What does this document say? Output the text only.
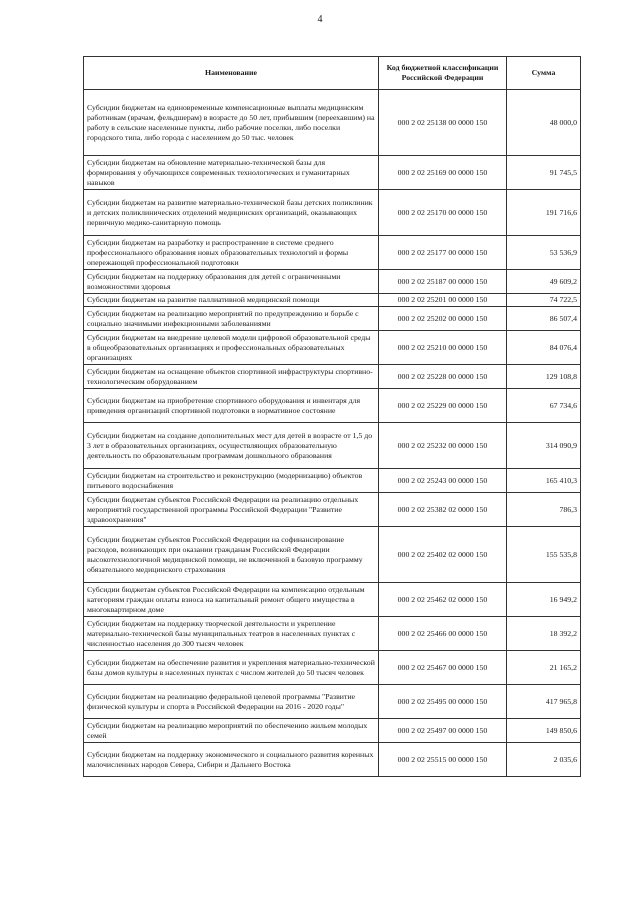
4
Наименование	Код бюджетной классификации Российской Федерации	Сумма
Субсидии бюджетам на единовременные компенсационные выплаты медицинским работникам (врачам, фельдшерам) в возрасте до 50 лет, прибывшим (переехавшим) на работу в сельские населенные пункты, либо рабочие поселки, либо поселки городского типа, либо города с населением до 50 тыс. человек	000 2 02 25138 00 0000 150	48 000,0
Субсидии бюджетам на обновление материально-технической базы для формирования у обучающихся современных технологических и гуманитарных навыков	000 2 02 25169 00 0000 150	91 745,5
Субсидии бюджетам на развитие материально-технической базы детских поликлиник и детских поликлинических отделений медицинских организаций, оказывающих первичную медико-санитарную помощь	000 2 02 25170 00 0000 150	191 716,6
Субсидии бюджетам на разработку и распространение в системе среднего профессионального образования новых образовательных технологий и формы опережающей профессиональной подготовки	000 2 02 25177 00 0000 150	53 536,9
Субсидии бюджетам на поддержку образования для детей с ограниченными возможностями здоровья	000 2 02 25187 00 0000 150	49 609,2
Субсидии бюджетам на развитие паллиативной медицинской помощи	000 2 02 25201 00 0000 150	74 722,5
Субсидии бюджетам на реализацию мероприятий по предупреждению и борьбе с социально значимыми инфекционными заболеваниями	000 2 02 25202 00 0000 150	86 507,4
Субсидии бюджетам на внедрение целевой модели цифровой образовательной среды в общеобразовательных организациях и профессиональных образовательных организациях	000 2 02 25210 00 0000 150	84 076,4
Субсидии бюджетам на оснащение объектов спортивной инфраструктуры спортивно-технологическим оборудованием	000 2 02 25228 00 0000 150	129 108,8
Субсидии бюджетам на приобретение спортивного оборудования и инвентаря для приведения организаций спортивной подготовки в нормативное состояние	000 2 02 25229 00 0000 150	67 734,6
Субсидии бюджетам на создание дополнительных мест для детей в возрасте от 1,5 до 3 лет в образовательных организациях, осуществляющих образовательную деятельность по образовательным программам дошкольного образования	000 2 02 25232 00 0000 150	314 090,9
Субсидии бюджетам на строительство и реконструкцию (модернизацию) объектов питьевого водоснабжения	000 2 02 25243 00 0000 150	165 410,3
Субсидии бюджетам субъектов Российской Федерации на реализацию отдельных мероприятий государственной программы Российской Федерации "Развитие здравоохранения"	000 2 02 25382 02 0000 150	786,3
Субсидии бюджетам субъектов Российской Федерации на софинансирование расходов, возникающих при оказании гражданам Российской Федерации высокотехнологичной медицинской помощи, не включенной в базовую программу обязательного медицинского страхования	000 2 02 25402 02 0000 150	155 535,8
Субсидии бюджетам субъектов Российской Федерации на компенсацию отдельным категориям граждан оплаты взноса на капитальный ремонт общего имущества в многоквартирном доме	000 2 02 25462 02 0000 150	16 949,2
Субсидии бюджетам на поддержку творческой деятельности и укрепление материально-технической базы муниципальных театров в населенных пунктах с численностью населения до 300 тысяч человек	000 2 02 25466 00 0000 150	18 392,2
Субсидии бюджетам на обеспечение развития и укрепления материально-технической базы домов культуры в населенных пунктах с числом жителей до 50 тысяч человек	000 2 02 25467 00 0000 150	21 165,2
Субсидии бюджетам на реализацию федеральной целевой программы "Развитие физической культуры и спорта в Российской Федерации на 2016 - 2020 годы"	000 2 02 25495 00 0000 150	417 965,8
Субсидии бюджетам на реализацию мероприятий по обеспечению жильем молодых семей	000 2 02 25497 00 0000 150	149 850,6
Субсидии бюджетам на поддержку экономического и социального развития коренных малочисленных народов Севера, Сибири и Дальнего Востока	000 2 02 25515 00 0000 150	2 035,6
